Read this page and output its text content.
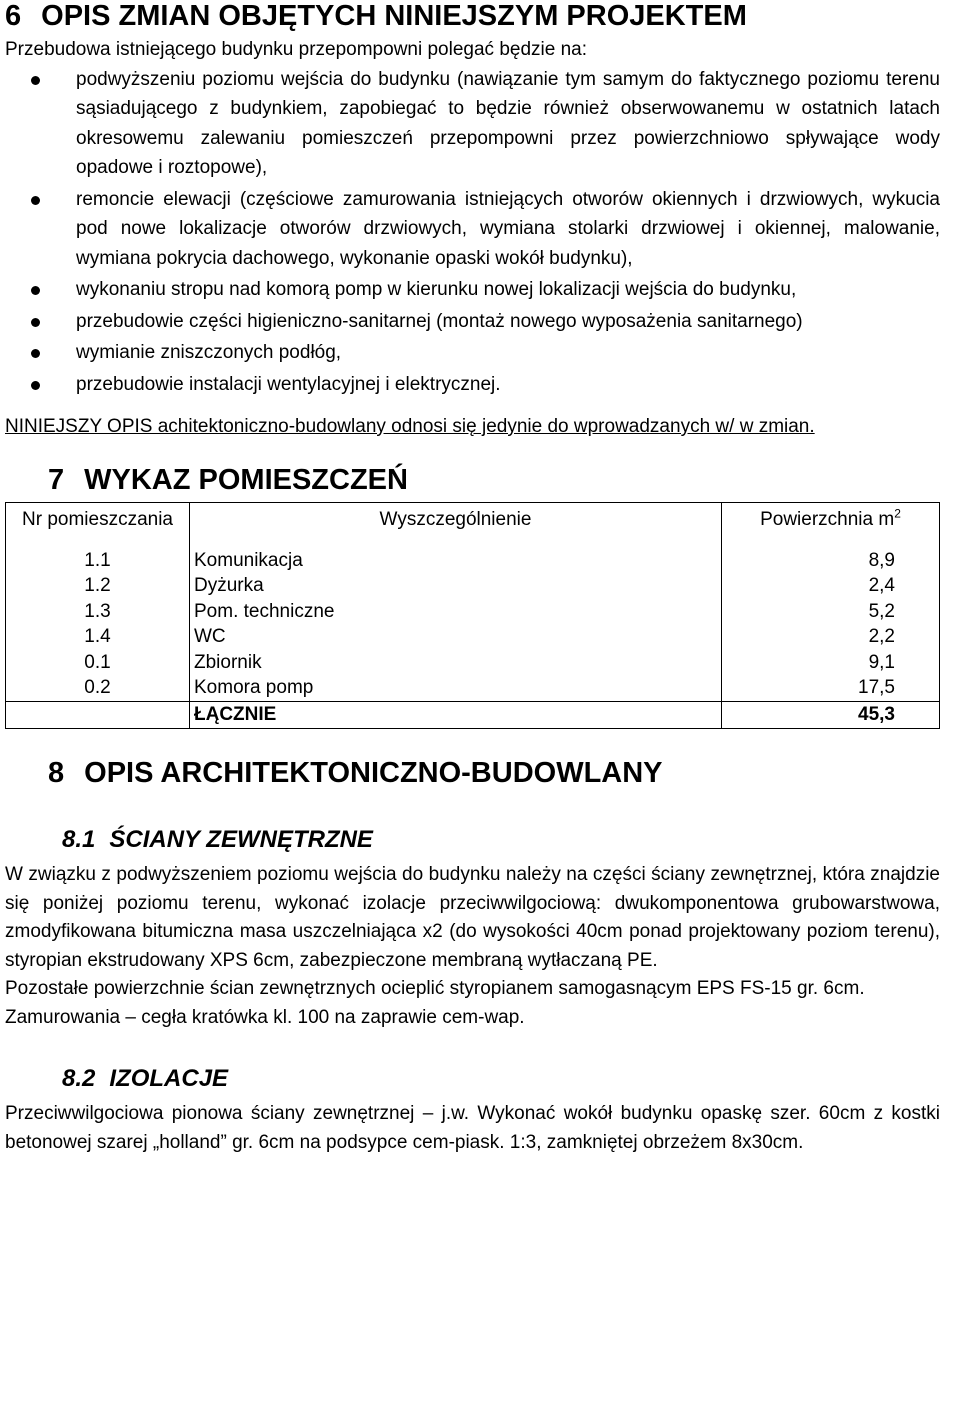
6 OPIS ZMIAN OBJĘTYCH NINIEJSZYM PROJEKTEM

Przebudowa istniejącego budynku przepompowni polegać będzie na:

podwyższeniu poziomu wejścia do budynku (nawiązanie tym samym do faktycznego poziomu terenu sąsiadującego z budynkiem, zapobiegać to będzie również obserwowanemu w ostatnich latach okresowemu zalewaniu pomieszczeń przepompowni przez powierzchniowo spływające wody opadowe i roztopowe),
remoncie elewacji (częściowe zamurowania istniejących otworów okiennych i drzwiowych, wykucia pod nowe lokalizacje otworów drzwiowych, wymiana stolarki drzwiowej i okiennej, malowanie, wymiana pokrycia dachowego, wykonanie opaski wokół budynku),
wykonaniu stropu nad komorą pomp w kierunku nowej lokalizacji wejścia do budynku,
przebudowie części higieniczno-sanitarnej (montaż nowego wyposażenia sanitarnego)
wymianie zniszczonych podłóg,
przebudowie instalacji wentylacyjnej i elektrycznej.

NINIEJSZY OPIS achitektoniczno-budowlany odnosi się jedynie do wprowadzanych w/ w zmian.

7 WYKAZ POMIESZCZEŃ
Nr pomieszczania	Wyszczególnienie	Powierzchnia $m^2$
1.1	Komunikacja	8,9
1.2	Dyżurka	2,4
1.3	Pom. techniczne	5,2
1.4	WC	2,2
0.1	Zbiornik	9,1
0.2	Komora pomp	17,5
	ŁĄCZNIE	45,3
8 OPIS ARCHITEKTONICZNO-BUDOWLANY
8.1 ŚCIANY ZEWNĘTRZNE

W związku z podwyższeniem poziomu wejścia do budynku należy na części ściany zewnętrznej, która znajdzie się poniżej poziomu terenu, wykonać izolacje przeciwwilgociową: dwukomponentowa grubowarstwowa, zmodyfikowana bitumiczna masa uszczelniająca x2 (do wysokości 40cm ponad projektowany poziom terenu), styropian ekstrudowany XPS 6cm, zabezpieczone membraną wytłaczaną PE.

Pozostałe powierzchnie ścian zewnętrznych ocieplić styropianem samogasnącym EPS FS-15 gr. 6cm.

Zamurowania – cegła kratówka kl. 100 na zaprawie cem-wap.

8.2 IZOLACJE

Przeciwwilgociowa pionowa ściany zewnętrznej – j.w. Wykonać wokół budynku opaskę szer. 60cm z kostki betonowej szarej „holland” gr. 6cm na podsypce cem-piask. 1:3, zamkniętej obrzeżem 8x30cm.
